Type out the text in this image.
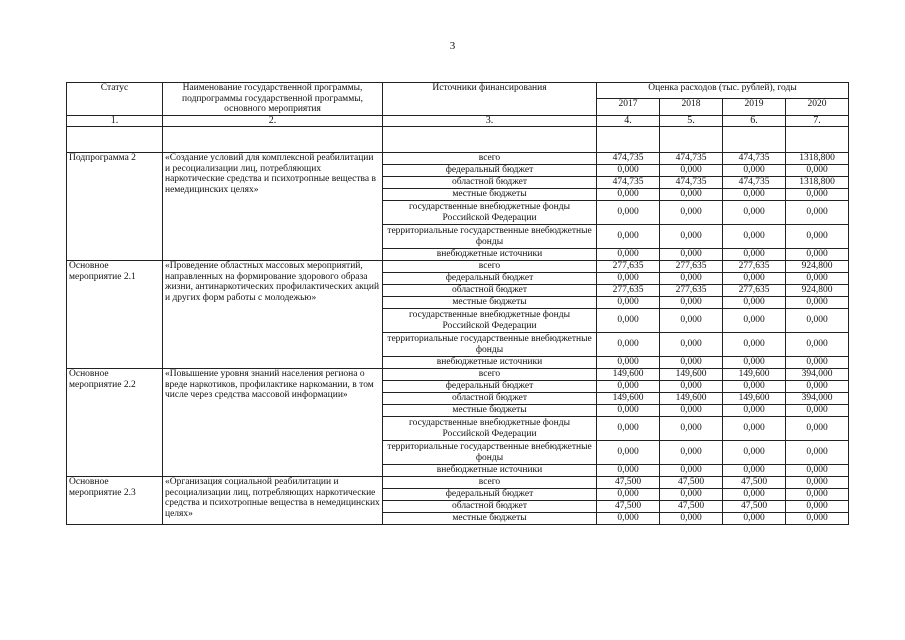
3
Статус	Наименование государственной программы, подпрограммы государственной программы, основного мероприятия	Источники финансирования	Оценка расходов (тыс. рублей), годы			
			2017	2018	2019	2020
1.	2.	3.	4.	5.	6.	7.

Подпрограмма 2	«Создание условий для комплексной реабилитации и ресоциализации лиц, потребляющих наркотические средства и психотропные вещества в немедицинских целях»	всего	474,735	474,735	474,735	1318,800
		федеральный бюджет	0,000	0,000	0,000	0,000
		областной бюджет	474,735	474,735	474,735	1318,800
		местные бюджеты	0,000	0,000	0,000	0,000
		государственные внебюджетные фонды Российской Федерации	0,000	0,000	0,000	0,000
		территориальные государственные внебюджетные фонды	0,000	0,000	0,000	0,000
		внебюджетные источники	0,000	0,000	0,000	0,000
Основное мероприятие 2.1	«Проведение областных массовых мероприятий, направленных на формирование здорового образа жизни, антинаркотических профилактических акций и других форм работы с молодежью»	всего	277,635	277,635	277,635	924,800
		федеральный бюджет	0,000	0,000	0,000	0,000
		областной бюджет	277,635	277,635	277,635	924,800
		местные бюджеты	0,000	0,000	0,000	0,000
		государственные внебюджетные фонды Российской Федерации	0,000	0,000	0,000	0,000
		территориальные государственные внебюджетные фонды	0,000	0,000	0,000	0,000
		внебюджетные источники	0,000	0,000	0,000	0,000
Основное мероприятие 2.2	«Повышение уровня знаний населения региона о вреде наркотиков, профилактике наркомании, в том числе через средства массовой информации»	всего	149,600	149,600	149,600	394,000
		федеральный бюджет	0,000	0,000	0,000	0,000
		областной бюджет	149,600	149,600	149,600	394,000
		местные бюджеты	0,000	0,000	0,000	0,000
		государственные внебюджетные фонды Российской Федерации	0,000	0,000	0,000	0,000
		территориальные государственные внебюджетные фонды	0,000	0,000	0,000	0,000
		внебюджетные источники	0,000	0,000	0,000	0,000
Основное мероприятие 2.3	«Организация социальной реабилитации и ресоциализации лиц, потребляющих наркотические средства и психотропные вещества в немедицинских целях»	всего	47,500	47,500	47,500	0,000
		федеральный бюджет	0,000	0,000	0,000	0,000
		областной бюджет	47,500	47,500	47,500	0,000
		местные бюджеты	0,000	0,000	0,000	0,000
